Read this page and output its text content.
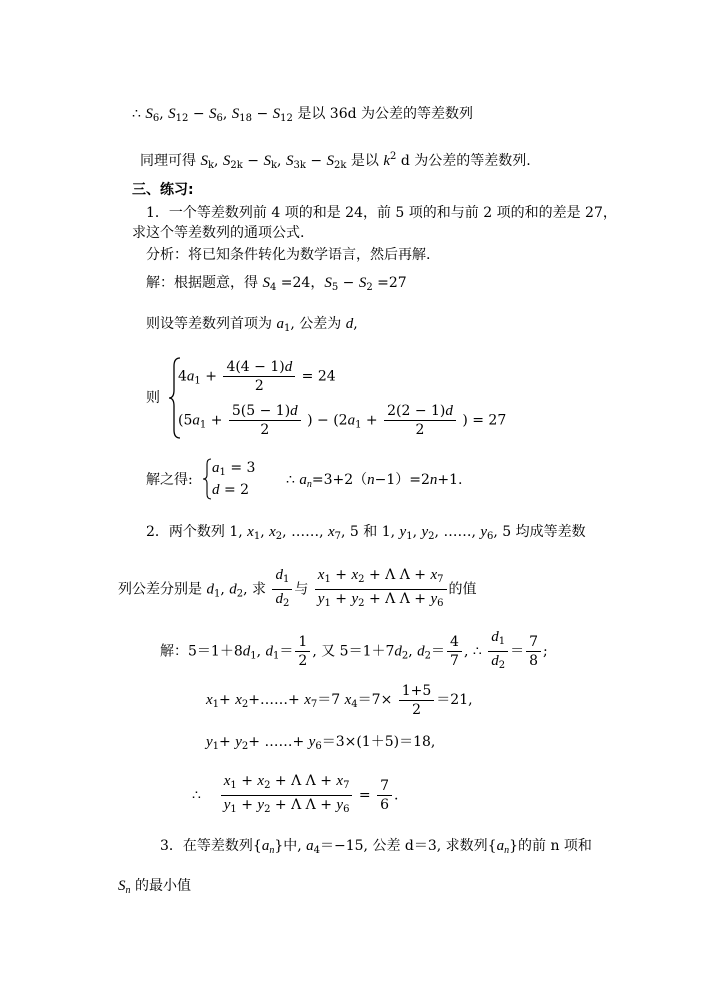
∴ $S_6$, $S_{12} - S_6$, $S_{18} - S_{12}$ 是以 36d 为公差的等差数列
同理可得 $S_k$, $S_{2k} - S_k$, $S_{3k} - S_{2k}$ 是以 $k^2$ d 为公差的等差数列.
三、练习:
1．一个等差数列前 4 项的和是 24，前 5 项的和与前 2 项的和的差是 27，
求这个等差数列的通项公式.
分析：将已知条件转化为数学语言，然后再解.
解：根据题意，得 $S_4 =24$，$S_5 - S_2 =27$
则设等差数列首项为 $a_1$, 公差为 d,
则
$4a_1 + \frac{4(4 - 1)d}{2} = 24$
($5a_1 + \frac{5(5 - 1)d}{2}$ ) − ($2a_1 + \frac{2(2 - 1)d}{2}$ ) = 27
解之得:
$a_1 = 3$
d = 2
∴ $a_n=3+2(n-1)=2n+1$.
2．两个数列 1, $x_1$, $x_2$, ……, $x_7$, 5 和 1, $y_1$, $y_2$, ……, $y_6$, 5 均成等差数
列公差分别是 $d_1$, $d_2$, 求 $\frac{d_1}{d_2}$ 与 $\frac{x_1 + x_2 + \Lambda \Lambda + x_7}{y_1 + y_2 + \Lambda \Lambda + y_6}$ 的值
解：$5=1+8d_1$, $d_1= \frac{1}{2}$ , 又 $5=1+7d_2$, $d_2= \frac{4}{7}$ , ∴ $\frac{d_1}{d_2} = \frac{7}{8}$ ;
$x_1+$ $x_2+\dots\dots+ x_7=7$ $x_4=7\times \frac{1+5}{2} =21$,
$y_1+ y_2+$ ……+ $y_6=3\times(1+5)=18$,
∴ $\frac{x_1 + x_2 + \Lambda \Lambda + x_7}{y_1 + y_2 + \Lambda \Lambda + y_6} = \frac{7}{6}$ .
3．在等差数列$\{a_n\}$中, $a_4=-15$, 公差 d＝3, 求数列$\{a_n\}$的前 n 项和
$S_n$ 的最小值
